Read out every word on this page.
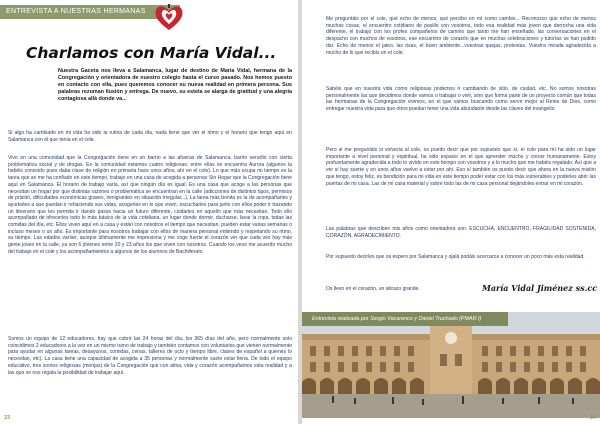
ENTREVISTA A NUESTRAS HERMANAS
Charlamos con María Vidal...
Nuestra Gaceta nos lleva a Salamanca, lugar de destino de María Vidal, hermana de la Congregación y orientadora de nuestro colegio hasta el curso pasado. Nos hemos puesto en contacto con ella, pues queremos conocer su nueva realidad en primera persona. Sus palabras rezuman ilusión y entrega. De nuevo, su estela se alarga de gratitud y una alegría contagiosa allá donde va...

Si algo ha cambiado en mi vida ha sido la rutina de cada día, nada tiene que ver el ritmo y el horario que tengo aquí en Salamanca con el que tenía en el cole.

Vivo en una comunidad que la Congregación tiene en un barrio a las afueras de Salamanca, barrio sencillo con cierta problemática social y de drogas. En la comunidad estamos cuatro religiosas; entre ellas se encuentra Aurora (algunos la habéis conocido pues daba clase de religión en primaria hace unos años, ahí en el cole). Lo que más ocupa mi tiempo es la tarea que se me ha confiado en este tiempo, trabajo en una casa de acogida a personas Sin Hogar que la Congregación tiene aquí en Salamanca. El horario de trabajo varía, así que ningún día es igual. Es una casa que acoge a las personas que necesitan un hogar por que distintas razones o problemática se encuentran en la calle (adicciones de distintos tipos, permisos de prisión, dificultades económicas graves, inmigrantes en situación irregular...). La tarea más bonita es la de acompañarles y ayudarles a que puedan ir rehaciendo sus vidas, acogerles en lo que viven, escucharles para junto con ellos poder ir trazando un itinerario que les permita ir dando pasos hacia un futuro diferente, cuidarles en aquello que más necesitan. Todo ello acompañado de ofrecerles todo lo más básico de la vida cotidiana, un lugar donde dormir, ducharse, lavar la ropa, todas las comidas del día, etc. Ellos viven aquí en a casa y están con nosotros el tiempo que necesitan, pueden estar varias semanas o incluso meses o un año. Es importante para nosotros trabajar con ellos de manera personal entiendo y respetando su ritmo, su tiempo. Las edades varían; aunque últimamente me impresiona y me coge fuerte el corazón ver que cada vez hay más gente joven en la calle, ya son 6 jóvenes entre 20 y 23 años los que viven con nosotros. Cuando los veos me acuerdo mucho del trabajo en el cole y los acompañamientos a algunos de los alumnos de Bachillerato.

Somos un equipo de 12 educadores, hay que cubrir las 24 horas del día, los 365 días del año, pero normalmente solo coincidimos 2 educadores a la vez en un mismo turno de trabajo y también contamos con voluntarios que vienen normalmente para ayudar en algunas tareas, desayunos, comidas, cenas, talleres de ocio y tiempo libre, clases de español a quienes lo necesitan, etc). La casa tiene una capacidad de acogida a 35 personas y normalmente suele estar llena. De todo el equipo educativo, tres somos religiosas (monjas) de la Congregación que con alma, vida y corazón acompañamos esta realidad y a las que se nos regala la posibilidad de trabajar aquí.

23

Me preguntáis por el cole, qué echo de menos, qué percibo en mí como cambio... Reconozco que echo de menos muchas cosas, el encuentro cotidiano de pasillo con vosotros, todo esa realidad más joven que derrocha una vida diferente, el trabajo con los profes compañeros de camino que tanto me han enseñado, las conversaciones en el despacho con muchos de vosotros, ese encuentro de corazón que en muchas celebraciones y tutorías se han podido dar. Echo de menos el jaleo, las risas, el buen ambiente...vuestras quejas, protestas. Vuestra mirada agradecida a mucho de lo que recibís en el cole.

Sabéis que en nuestra vida como religiosas podemos ir cambiando de sitio, de ciudad, etc. No somos nosotras personalmente las que decidimos donde vamos o trabajar o vivir, sino que forma parte de un proyecto común que todas las hermanas de la Congregación vivimos, en el que vamos buscando como servir mejor al Reino de Dios, como entregar nuestra vida para que otros puedan tener una vida abundante desde las claves del evangelio.

Pero si me preguntáis si volvería al cole, os puedo decir que por supuesto que sí, el cole para mí ha sido un lugar importante a nivel personal y espiritual, ha sido espacio en el que aprender mucho y crecer humanamente. Estoy profundamente agradecida a todo lo vivido en este tiempo con vosotros y a lo mucho que me habéis regalado. Así que a ver si hay suerte y en unos años vuelvo a estar por ahí. Eso sí también os puedo decir que ahora en la nueva misión que tengo, estoy feliz, es bendición para mi vida en este tiempo poder estar con los más vulnerables y poderles abrir las puertas de mi casa. Las de mi casa material y sobre todo las de mi casa personal dejándoles entrar en mi corazón.

Las palabras que describen mis años como orientadora son: ESCUCHA, ENCUENTRO, FRAGILIDAD SOSTENIDA, CORAZÓN, AGRADECIMIENTO.

Por supuesto decirles que os espero por Salamanca y ojalá podáis acercaros a conocer un poco más esta realidad.

Os llevo en el corazón, un abrazo grande.	María Vidal Jiménez ss.cc
Entrevista realizada por Sergio Vacarenco y Daniel Truchado (PMAR I)
24
